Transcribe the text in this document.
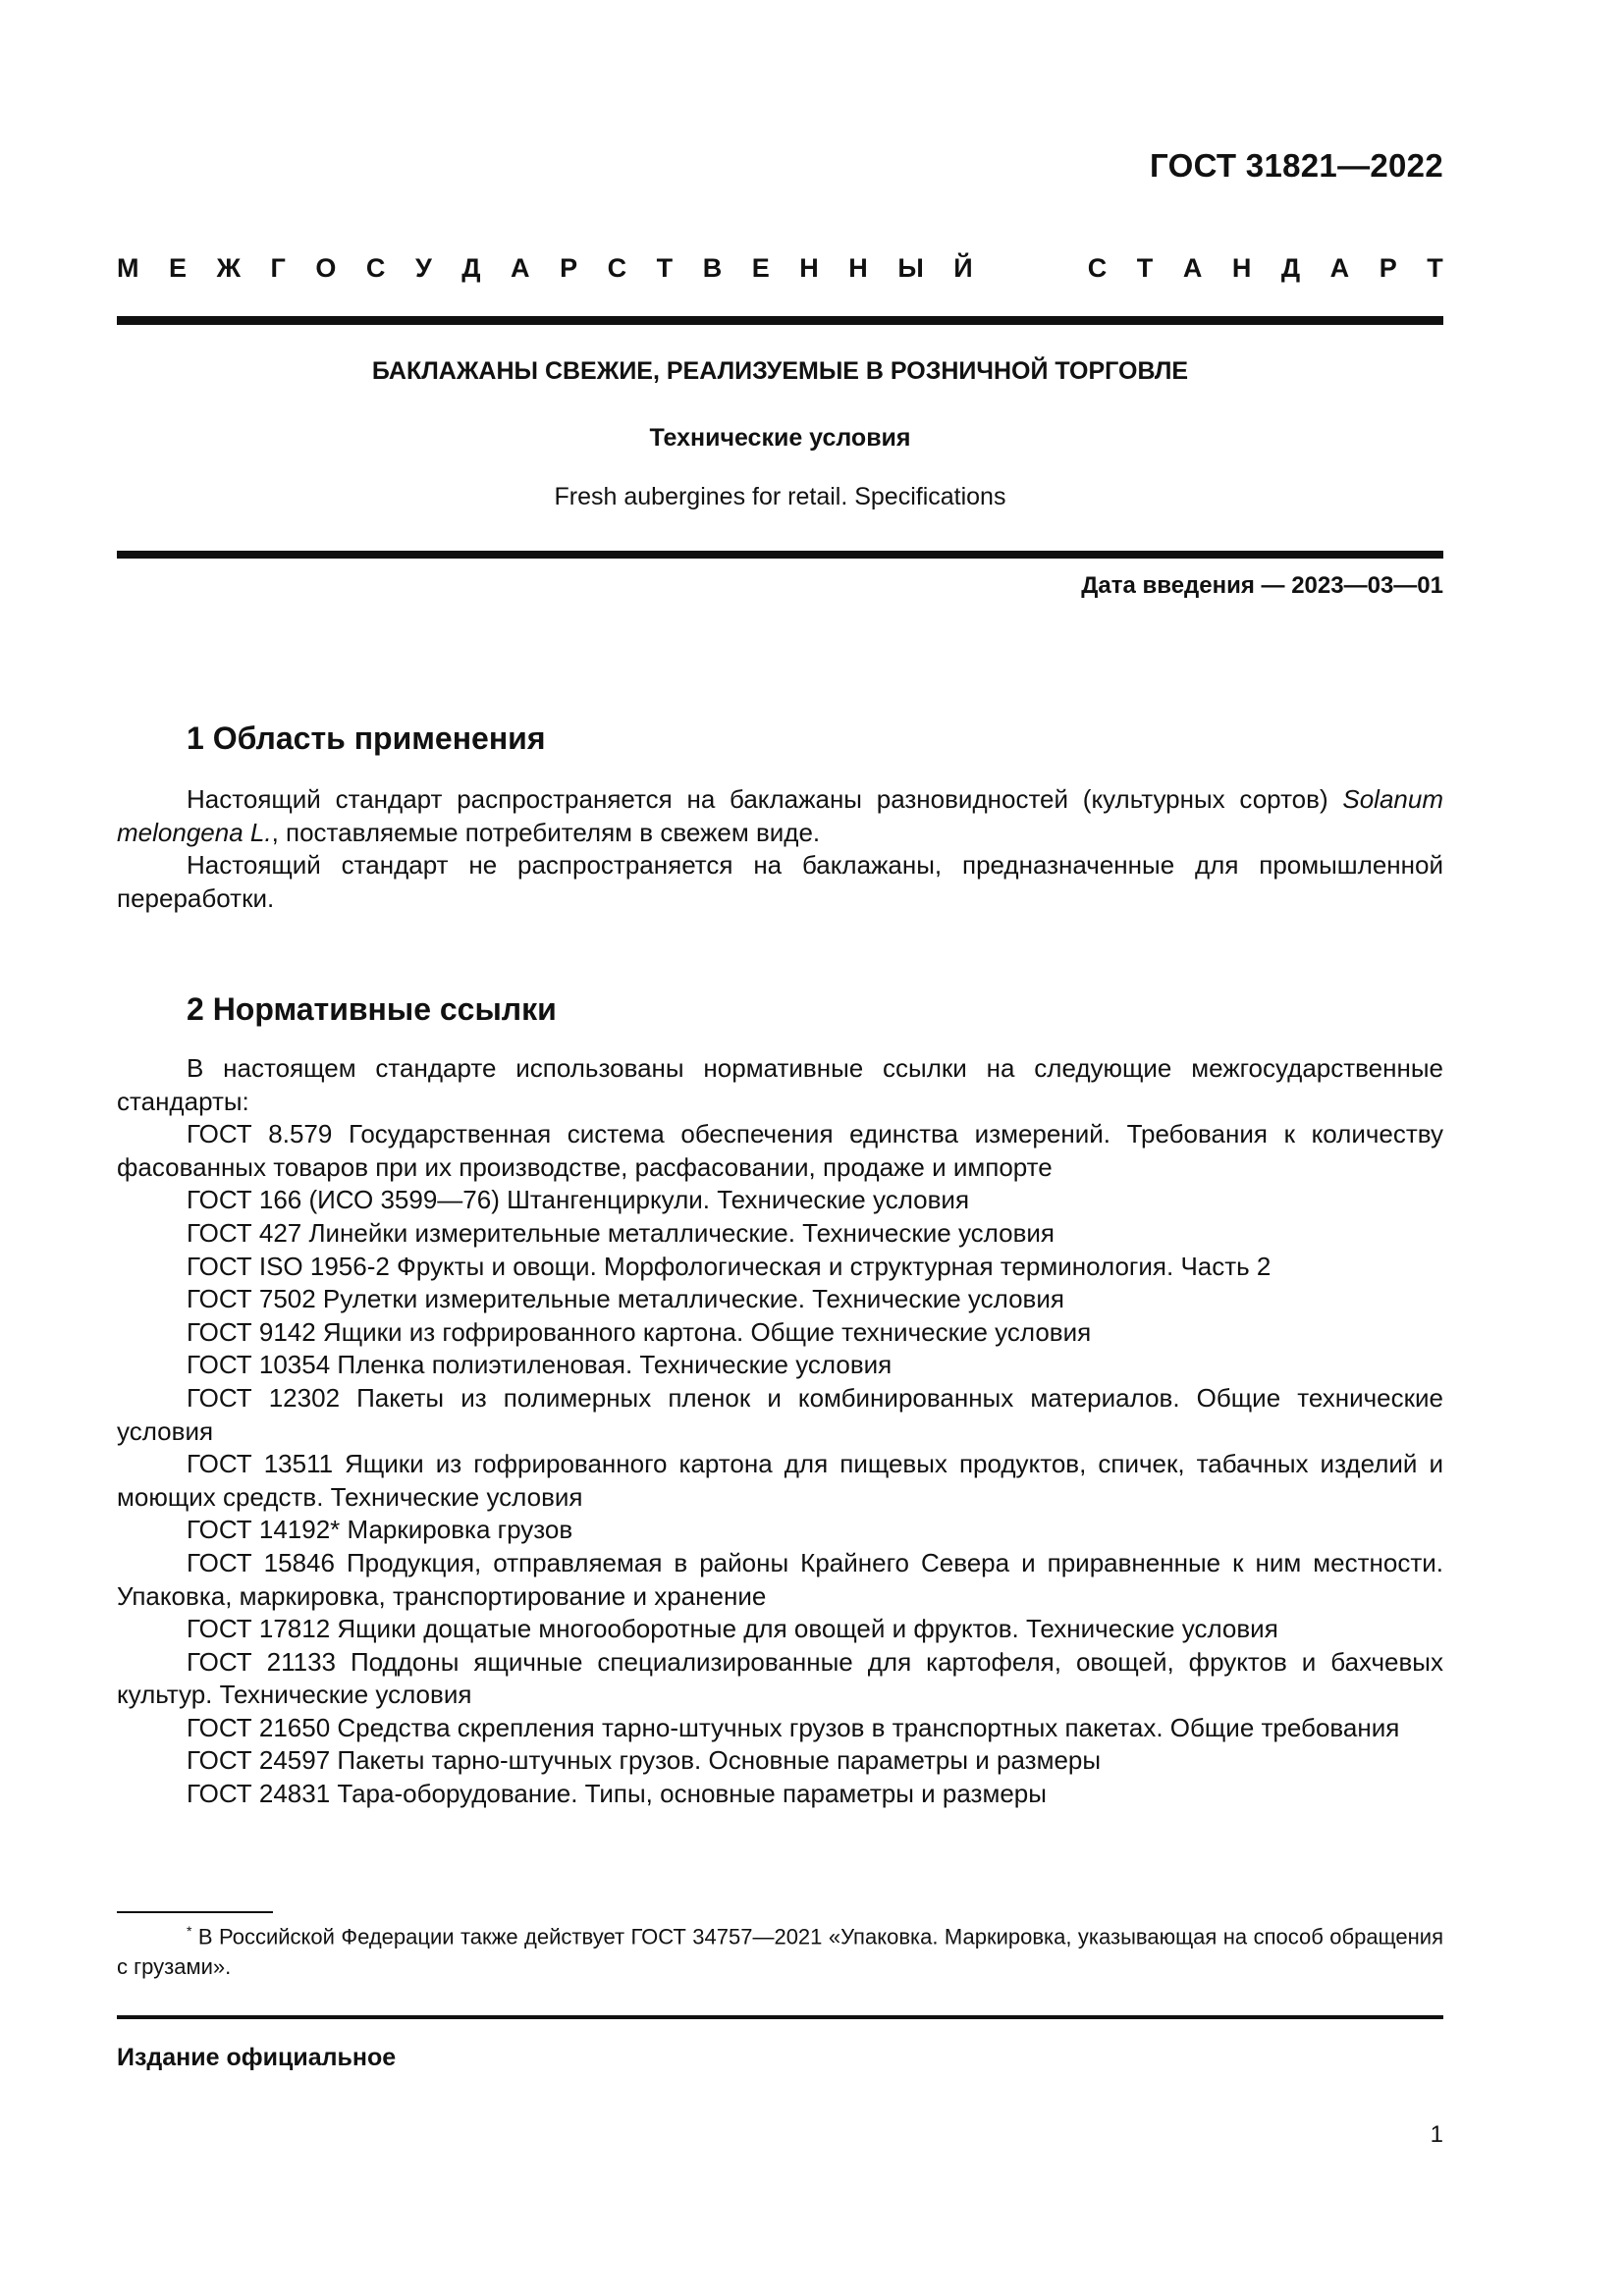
ГОСТ 31821—2022
М Е Ж Г О С У Д А Р С Т В Е Н Н Ы Й	С Т А Н Д А Р Т
БАКЛАЖАНЫ СВЕЖИЕ, РЕАЛИЗУЕМЫЕ В РОЗНИЧНОЙ ТОРГОВЛЕ
Технические условия
Fresh aubergines for retail. Specifications
Дата введения — 2023—03—01
1 Область применения

Настоящий стандарт распространяется на баклажаны разновидностей (культурных сортов) Solanum melongena L., поставляемые потребителям в свежем виде.

Настоящий стандарт не распространяется на баклажаны, предназначенные для промышленной переработки.

2 Нормативные ссылки

В настоящем стандарте использованы нормативные ссылки на следующие межгосударственные стандарты:

ГОСТ 8.579 Государственная система обеспечения единства измерений. Требования к количеству фасованных товаров при их производстве, расфасовании, продаже и импорте

ГОСТ 166 (ИСО 3599—76) Штангенциркули. Технические условия

ГОСТ 427 Линейки измерительные металлические. Технические условия

ГОСТ ISO 1956-2 Фрукты и овощи. Морфологическая и структурная терминология. Часть 2

ГОСТ 7502 Рулетки измерительные металлические. Технические условия

ГОСТ 9142 Ящики из гофрированного картона. Общие технические условия

ГОСТ 10354 Пленка полиэтиленовая. Технические условия

ГОСТ 12302 Пакеты из полимерных пленок и комбинированных материалов. Общие технические условия

ГОСТ 13511 Ящики из гофрированного картона для пищевых продуктов, спичек, табачных изделий и моющих средств. Технические условия

ГОСТ 14192* Маркировка грузов

ГОСТ 15846 Продукция, отправляемая в районы Крайнего Севера и приравненные к ним местности. Упаковка, маркировка, транспортирование и хранение

ГОСТ 17812 Ящики дощатые многооборотные для овощей и фруктов. Технические условия

ГОСТ 21133 Поддоны ящичные специализированные для картофеля, овощей, фруктов и бахчевых культур. Технические условия

ГОСТ 21650 Средства скрепления тарно-штучных грузов в транспортных пакетах. Общие требования

ГОСТ 24597 Пакеты тарно-штучных грузов. Основные параметры и размеры

ГОСТ 24831 Тара-оборудование. Типы, основные параметры и размеры

* В Российской Федерации также действует ГОСТ 34757—2021 «Упаковка. Маркировка, указывающая на способ обращения с грузами».

Издание официальное
1
